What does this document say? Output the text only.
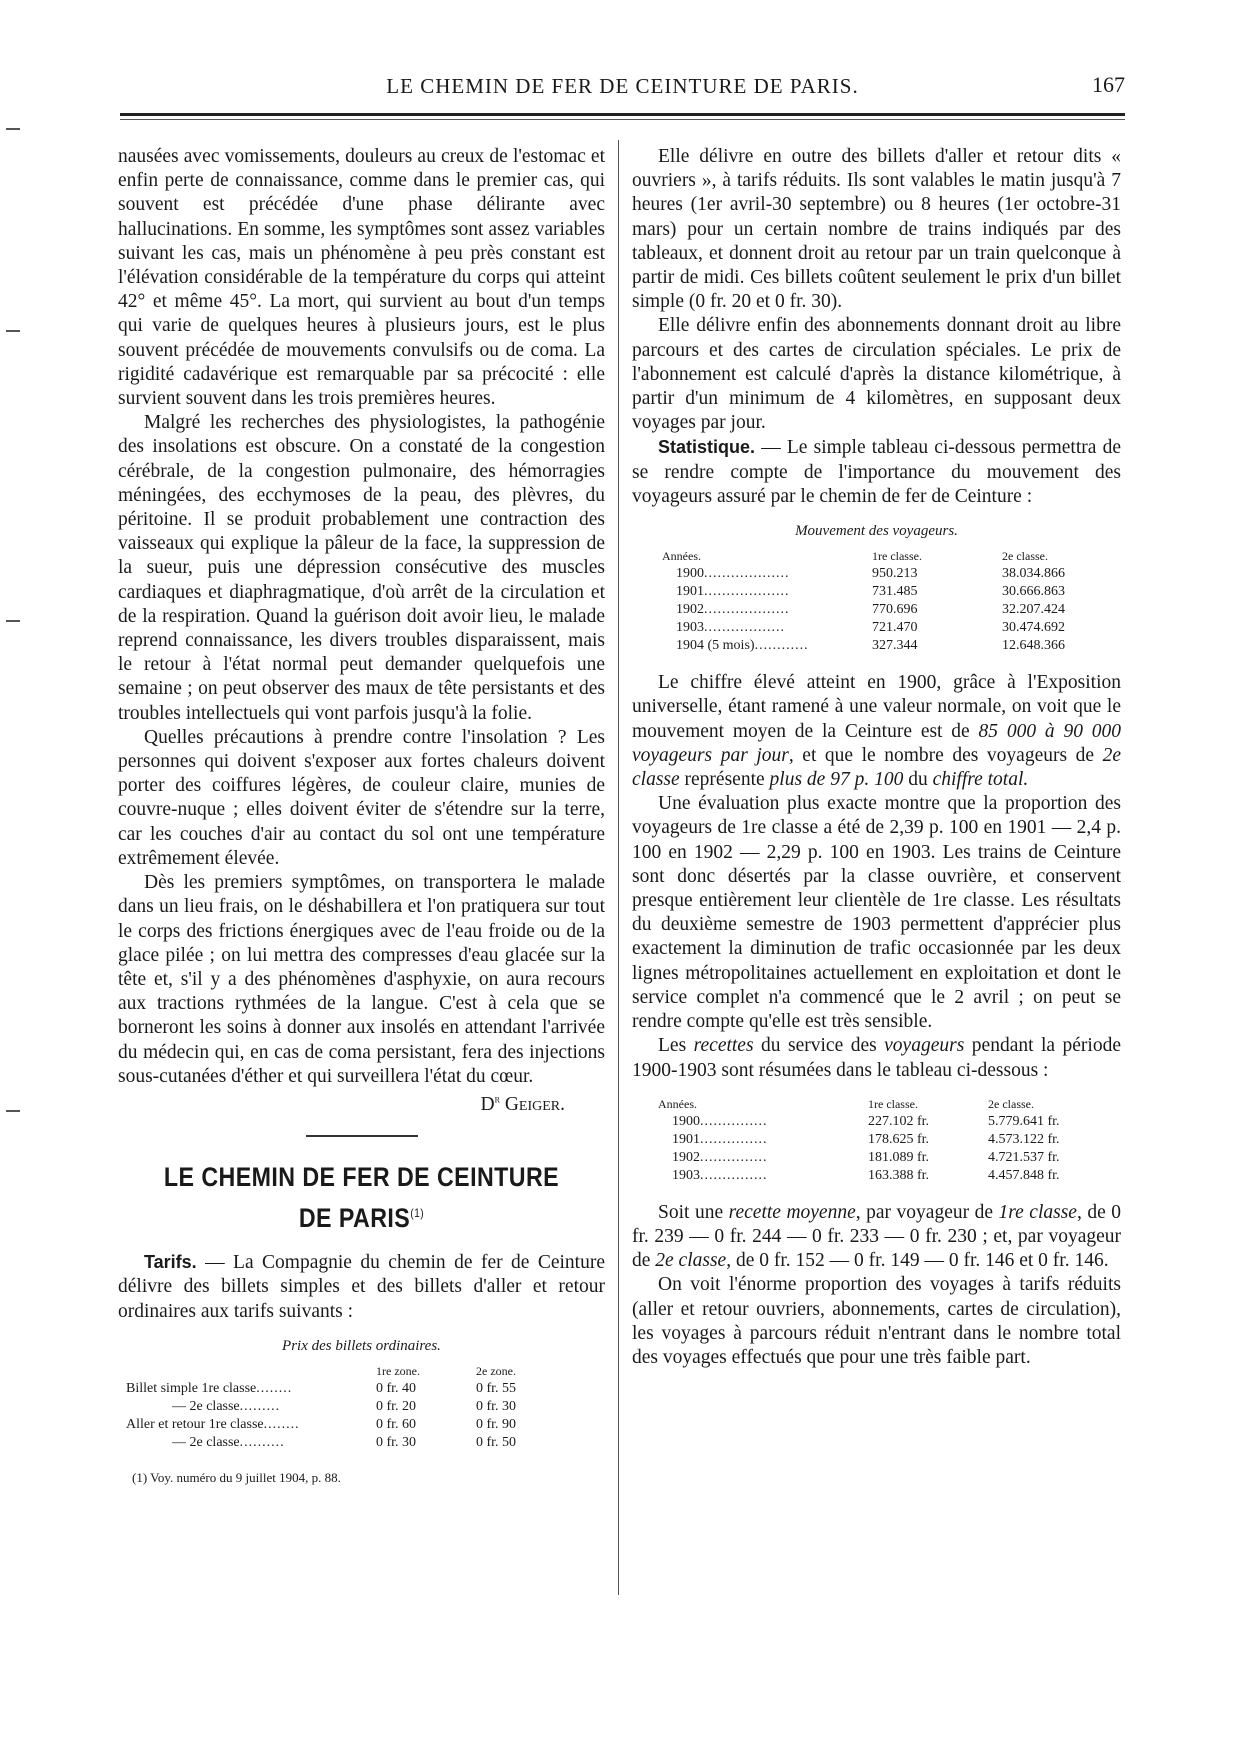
LE CHEMIN DE FER DE CEINTURE DE PARIS.	167

nausées avec vomissements, douleurs au creux de l'estomac et enfin perte de connaissance, comme dans le premier cas, qui souvent est précédée d'une phase délirante avec hallucinations. En somme, les symptômes sont assez variables suivant les cas, mais un phénomène à peu près constant est l'élévation considérable de la température du corps qui atteint 42° et même 45°. La mort, qui survient au bout d'un temps qui varie de quelques heures à plusieurs jours, est le plus souvent précédée de mouvements convulsifs ou de coma. La rigidité cadavérique est remarquable par sa précocité : elle survient souvent dans les trois premières heures.

Malgré les recherches des physiologistes, la pathogénie des insolations est obscure. On a constaté de la congestion cérébrale, de la congestion pulmonaire, des hémorragies méningées, des ecchymoses de la peau, des plèvres, du péritoine. Il se produit probablement une contraction des vaisseaux qui explique la pâleur de la face, la suppression de la sueur, puis une dépression consécutive des muscles cardiaques et diaphragmatique, d'où arrêt de la circulation et de la respiration. Quand la guérison doit avoir lieu, le malade reprend connaissance, les divers troubles disparaissent, mais le retour à l'état normal peut demander quelquefois une semaine ; on peut observer des maux de tête persistants et des troubles intellectuels qui vont parfois jusqu'à la folie.

Quelles précautions à prendre contre l'insolation ? Les personnes qui doivent s'exposer aux fortes chaleurs doivent porter des coiffures légères, de couleur claire, munies de couvre-nuque ; elles doivent éviter de s'étendre sur la terre, car les couches d'air au contact du sol ont une température extrêmement élevée.

Dès les premiers symptômes, on transportera le malade dans un lieu frais, on le déshabillera et l'on pratiquera sur tout le corps des frictions énergiques avec de l'eau froide ou de la glace pilée ; on lui mettra des compresses d'eau glacée sur la tête et, s'il y a des phénomènes d'asphyxie, on aura recours aux tractions rythmées de la langue. C'est à cela que se borneront les soins à donner aux insolés en attendant l'arrivée du médecin qui, en cas de coma persistant, fera des injections sous-cutanées d'éther et qui surveillera l'état du cœur.

$D^r$ Geiger.

LE CHEMIN DE FER DE CEINTURE
DE PARIS$^{(1)}$

Tarifs. — La Compagnie du chemin de fer de Ceinture délivre des billets simples et des billets d'aller et retour ordinaires aux tarifs suivants :

Prix des billets ordinaires.
	1re zone.	2e zone.
Billet simple 1re classe........	0 fr. 40	0 fr. 55
— 2e classe.........	0 fr. 20	0 fr. 30
Aller et retour 1re classe........	0 fr. 60	0 fr. 90
— 2e classe..........	0 fr. 30	0 fr. 50
(1) Voy. numéro du 9 juillet 1904, p. 88.

Elle délivre en outre des billets d'aller et retour dits « ouvriers », à tarifs réduits. Ils sont valables le matin jusqu'à 7 heures (1er avril-30 septembre) ou 8 heures (1er octobre-31 mars) pour un certain nombre de trains indiqués par des tableaux, et donnent droit au retour par un train quelconque à partir de midi. Ces billets coûtent seulement le prix d'un billet simple (0 fr. 20 et 0 fr. 30).

Elle délivre enfin des abonnements donnant droit au libre parcours et des cartes de circulation spéciales. Le prix de l'abonnement est calculé d'après la distance kilométrique, à partir d'un minimum de 4 kilomètres, en supposant deux voyages par jour.

Statistique. — Le simple tableau ci-dessous permettra de se rendre compte de l'importance du mouvement des voyageurs assuré par le chemin de fer de Ceinture :

Mouvement des voyageurs.
Années.	1re classe.	2e classe.
1900...................	950.213	38.034.866
1901...................	731.485	30.666.863
1902...................	770.696	32.207.424
1903..................	721.470	30.474.692
1904 (5 mois)............	327.344	12.648.366

Le chiffre élevé atteint en 1900, grâce à l'Exposition universelle, étant ramené à une valeur normale, on voit que le mouvement moyen de la Ceinture est de 85 000 à 90 000 voyageurs par jour, et que le nombre des voyageurs de 2e classe représente plus de 97 p. 100 du chiffre total.

Une évaluation plus exacte montre que la proportion des voyageurs de 1re classe a été de 2,39 p. 100 en 1901 — 2,4 p. 100 en 1902 — 2,29 p. 100 en 1903. Les trains de Ceinture sont donc désertés par la classe ouvrière, et conservent presque entièrement leur clientèle de 1re classe. Les résultats du deuxième semestre de 1903 permettent d'apprécier plus exactement la diminution de trafic occasionnée par les deux lignes métropolitaines actuellement en exploitation et dont le service complet n'a commencé que le 2 avril ; on peut se rendre compte qu'elle est très sensible.

Les recettes du service des voyageurs pendant la période 1900-1903 sont résumées dans le tableau ci-dessous :

Années.	1re classe.	2e classe.
1900...............	227.102 fr.	5.779.641 fr.
1901...............	178.625 fr.	4.573.122 fr.
1902...............	181.089 fr.	4.721.537 fr.
1903...............	163.388 fr.	4.457.848 fr.

Soit une recette moyenne, par voyageur de 1re classe, de 0 fr. 239 — 0 fr. 244 — 0 fr. 233 — 0 fr. 230 ; et, par voyageur de 2e classe, de 0 fr. 152 — 0 fr. 149 — 0 fr. 146 et 0 fr. 146.

On voit l'énorme proportion des voyages à tarifs réduits (aller et retour ouvriers, abonnements, cartes de circulation), les voyages à parcours réduit n'entrant dans le nombre total des voyages effectués que pour une très faible part.
